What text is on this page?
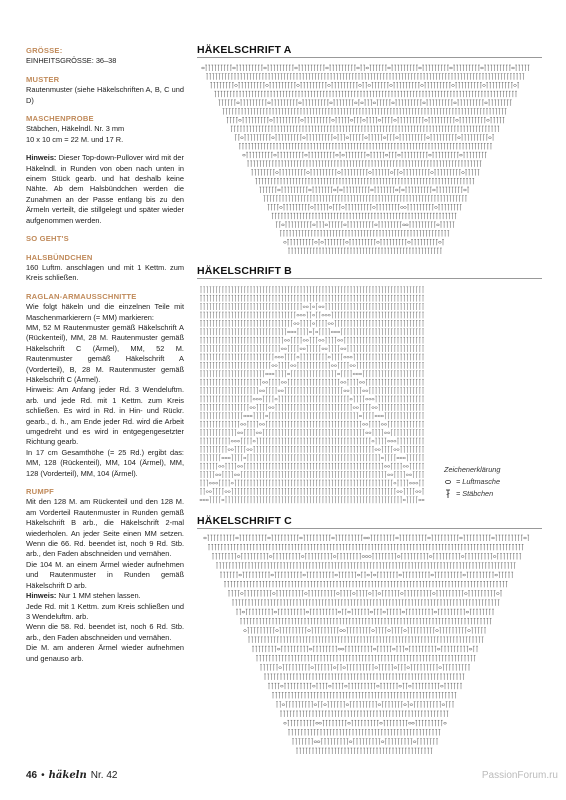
GRÖSSE:

EINHEITSGRÖSSE: 36–38

MUSTER

Rautenmuster (siehe Häkelschriften A, B, C und D)

MASCHENPROBE

Stäbchen, Häkelndl. Nr. 3 mm

10 x 10 cm = 22 M. und 17 R.

Hinweis: Dieser Top-down-Pullover wird mit der Häkelndl. in Runden von oben nach unten in einem Stück gearb. und hat deshalb keine Nähte. Ab dem Halsbündchen werden die Zunahmen an der Passe entlang bis zu den Ärmeln verteilt, die stillgelegt und später wieder aufgenommen werden.

SO GEHT'S
HALSBÜNDCHEN

160 Luftm. anschlagen und mit 1 Kettm. zum Kreis schließen.

RAGLAN-ARMAUSSCHNITTE

Wie folgt häkeln und die einzelnen Teile mit Maschenmarkierern (= MM) markieren:

MM, 52 M Rautenmuster gemäß Häkelschrift A (Rückenteil), MM, 28 M. Rautenmuster gemäß Häkelschrift C (Ärmel), MM, 52 M. Rautenmuster gemäß Häkelschrift A (Vorderteil), B, 28 M. Rautenmuster gemäß Häkelschrift C (Ärmel).

Hinweis: Am Anfang jeder Rd. 3 Wendeluftm. arb. und jede Rd. mit 1 Kettm. zum Kreis schließen. Es wird in Rd. in Hin- und Rückr. gearb., d. h., am Ende jeder Rd. wird die Arbeit umgedreht und es wird in entgegengesetzter Richtung gearb.

In 17 cm Gesamthöhe (= 25 Rd.) ergibt das: MM, 128 (Rückenteil), MM, 104 (Ärmel), MM, 128 (Vorderteil), MM, 104 (Ärmel).

RUMPF

Mit den 128 M. am Rückenteil und den 128 M. am Vorderteil Rautenmuster in Runden gemäß Häkelschrift B arb., die Häkelschrift 2-mal wiederholen. An jeder Seite einen MM setzen. Wenn die 66. Rd. beendet ist, noch 9 Rd. Stb. arb., den Faden abschneiden und vernähen.

Die 104 M. an einem Ärmel wieder aufnehmen und Rautenmuster in Runden gemäß Häkelschrift D arb.

Hinweis: Nur 1 MM stehen lassen.

Jede Rd. mit 1 Kettm. zum Kreis schließen und 3 Wendeluftm. arb.

Wenn die 58. Rd. beendet ist, noch 6 Rd. Stb. arb., den Faden abschneiden und vernähen.

Die M. am anderen Ärmel wieder aufnehmen und genauso arb.

HÄKELSCHRIFT A
HÄKELSCHRIFT B
Zeichenerklärung
= Luftmasche
= Stäbchen
HÄKELSCHRIFT C
46 • häkeln Nr. 42	PassionForum.ru
